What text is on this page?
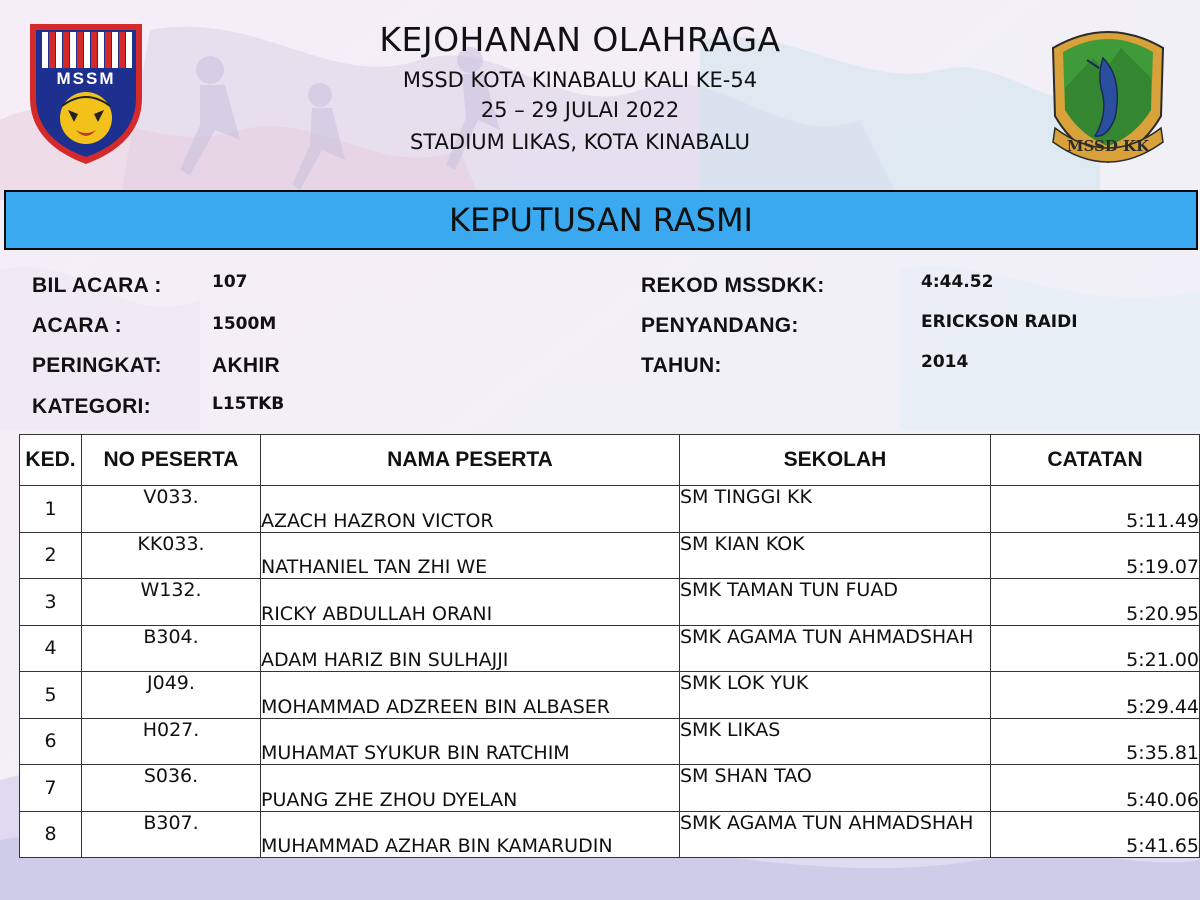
MSSM
MSSD KK
KEJOHANAN OLAHRAGA
MSSD KOTA KINABALU KALI KE-54
25 – 29 JULAI 2022
STADIUM LIKAS, KOTA KINABALU
KEPUTUSAN RASMI
BIL ACARA :	107
ACARA :	1500M
PERINGKAT: AKHIR
KATEGORI:	L15TKB
REKOD MSSDKK:	4:44.52
PENYANDANG:	ERICKSON RAIDI
TAHUN:	2014
KED.	NO PESERTA	NAMA PESERTA	SEKOLAH	CATATAN
1	V033.	AZACH HAZRON VICTOR	SM TINGGI KK	5:11.49
2	KK033.	NATHANIEL TAN ZHI WE	SM KIAN KOK	5:19.07
3	W132.	RICKY ABDULLAH ORANI	SMK TAMAN TUN FUAD	5:20.95
4	B304.	ADAM HARIZ BIN SULHAJJI	SMK AGAMA TUN AHMADSHAH	5:21.00
5	J049.	MOHAMMAD ADZREEN BIN ALBASER	SMK LOK YUK	5:29.44
6	H027.	MUHAMAT SYUKUR BIN RATCHIM	SMK LIKAS	5:35.81
7	S036.	PUANG ZHE ZHOU DYELAN	SM SHAN TAO	5:40.06
8	B307.	MUHAMMAD AZHAR BIN KAMARUDIN	SMK AGAMA TUN AHMADSHAH	5:41.65
